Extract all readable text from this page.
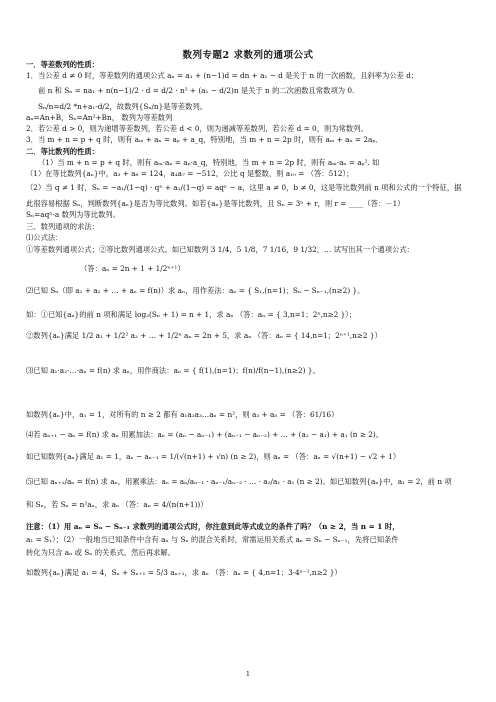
数列专题2 求数列的通项公式
一．等差数列的性质：
1．当公差 d ≠ 0 时，等差数列的通项公式 aₙ = a₁ + (n−1)d = dn + a₁ − d 是关于 n 的一次函数，且斜率为公差 d；
前 n 和 Sₙ = na₁ + n(n−1)/2 · d = d/2 · n² + (a₁ − d/2)n 是关于 n 的二次函数且常数项为 0.
Sₙ/n=d/2 *n+a₁-d/2，故数列{Sₙ/n}是等差数列。
aₙ=An+B，Sₙ=An²+Bn， 数列为等差数列
2．若公差 d > 0，则为递增等差数列，若公差 d < 0，则为递减等差数列，若公差 d = 0，则为常数列。
3．当 m + n = p + q 时，则有 aₘ + aₙ = aₚ + a_q，特别地，当 m + n = 2p 时，则有 aₘ + aₙ = 2aₚ．
二．等比数列的性质：
（1）当 m + n = p + q 时，则有 aₘ·aₙ = aₚ·a_q，特别地，当 m + n = 2p 时，则有 aₘ·aₙ = aₚ². 如
（1）在等比数列{aₙ}中，a₃ + a₈ = 124，a₄a₇ = −512，公比 q 是整数，则 a₁₀ = （答：512）；
（2）当 q ≠ 1 时，Sₙ = −a₁/(1−q) · qⁿ + a₁/(1−q) = aqⁿ − a，这里 a ≠ 0，b ≠ 0，这是等比数列前 n 项和公式的一个特征，据
此很容易根据 Sₙ，判断数列{aₙ}是否为等比数列。如若{aₙ}是等比数列，且 Sₙ = 3ⁿ + r，则 r = ____（答：－1）
Sₙ=aqⁿ-a 数列为等比数列。
三、数列通项的求法：
⑴公式法：
①等差数列通项公式；②等比数列通项公式。如已知数列 3 1/4，5 1/8，7 1/16，9 1/32，… 试写出其一个通项公式：
（答：aₙ = 2n + 1 + 1/2ⁿ⁺¹）
⑵已知 Sₙ（即 a₁ + a₂ + … + aₙ = f(n)）求 aₙ，用作差法：aₙ = { S₁,(n=1)；Sₙ − Sₙ₋₁,(n≥2) }。
如：①已知{aₙ}的前 n 项和满足 log₂(Sₙ + 1) = n + 1，求 aₙ （答：aₙ = { 3,n=1；2ⁿ,n≥2 }）；
②数列{aₙ}满足 1/2 a₁ + 1/2² a₂ + … + 1/2ⁿ aₙ = 2n + 5，求 aₙ （答：aₙ = { 14,n=1；2ⁿ⁺¹,n≥2 }）
⑶已知 a₁·a₂·…·aₙ = f(n) 求 aₙ，用作商法：aₙ = { f(1),(n=1)；f(n)/f(n−1),(n≥2) }。
如数列{aₙ}中，a₁ = 1，对所有的 n ≥ 2 都有 a₁a₂a₃…aₙ = n²，则 a₃ + a₅ = （答：61/16）
⑷若 aₙ₊₁ − aₙ = f(n) 求 aₙ 用累加法：aₙ = (aₙ − aₙ₋₁) + (aₙ₋₁ − aₙ₋₂) + … + (a₂ − a₁) + a₁ (n ≥ 2)。
如已知数列{aₙ}满足 a₁ = 1，aₙ − aₙ₋₁ = 1/(√(n+1) + √n) (n ≥ 2)，则 aₙ = （答：aₙ = √(n+1) − √2 + 1）
⑸已知 aₙ₊₁/aₙ = f(n) 求 aₙ，用累乘法：aₙ = aₙ/aₙ₋₁ · aₙ₋₁/aₙ₋₂ · … · a₂/a₁ · a₁ (n ≥ 2)。如已知数列{aₙ}中，a₁ = 2，前 n 项
和 Sₙ，若 Sₙ = n²aₙ，求 aₙ （答：aₙ = 4/(n(n+1))）
注意：（1）用 aₙ = Sₙ − Sₙ₋₁ 求数列的通项公式时，你注意到此等式成立的条件了吗？（n ≥ 2，当 n = 1 时，
a₁ = S₁）；（2）一般地当已知条件中含有 aₙ 与 Sₙ 的混合关系时，常需运用关系式 aₙ = Sₙ − Sₙ₋₁，先将已知条件
转化为只含 aₙ 或 Sₙ 的关系式，然后再求解。
如数列{aₙ}满足 a₁ = 4，Sₙ + Sₙ₊₁ = 5/3 aₙ₊₁，求 aₙ （答：aₙ = { 4,n=1；3·4ⁿ⁻¹,n≥2 }）
1
